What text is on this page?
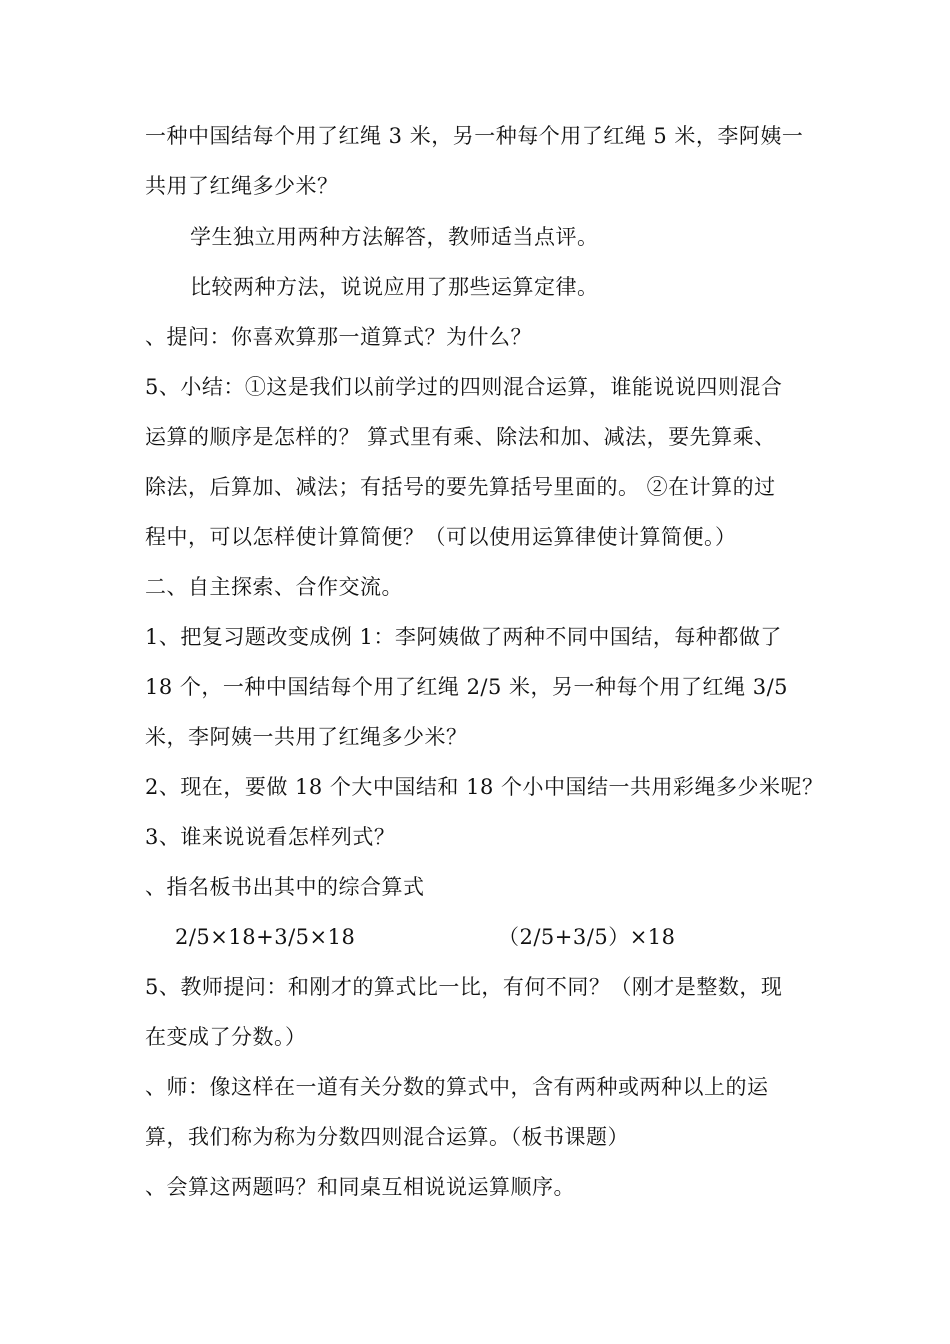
一种中国结每个用了红绳 3 米，另一种每个用了红绳 5 米，李阿姨一
共用了红绳多少米？
学生独立用两种方法解答，教师适当点评。
比较两种方法，说说应用了那些运算定律。
、提问：你喜欢算那一道算式？为什么？
5、小结：①这是我们以前学过的四则混合运算，谁能说说四则混合
运算的顺序是怎样的？ 算式里有乘、除法和加、减法，要先算乘、
除法，后算加、减法；有括号的要先算括号里面的。 ②在计算的过
程中，可以怎样使计算简便？（可以使用运算律使计算简便。）
二、自主探索、合作交流。
1、把复习题改变成例 1：李阿姨做了两种不同中国结，每种都做了
18 个，一种中国结每个用了红绳 2/5 米，另一种每个用了红绳 3/5
米，李阿姨一共用了红绳多少米？
2、现在，要做 18 个大中国结和 18 个小中国结一共用彩绳多少米呢？
3、谁来说说看怎样列式？
、指名板书出其中的综合算式
2/5×18+3/5×18	（2/5+3/5）×18
5、教师提问：和刚才的算式比一比，有何不同？（刚才是整数，现
在变成了分数。）
、师：像这样在一道有关分数的算式中，含有两种或两种以上的运
算，我们称为称为分数四则混合运算。（板书课题）
、会算这两题吗？和同桌互相说说运算顺序。
